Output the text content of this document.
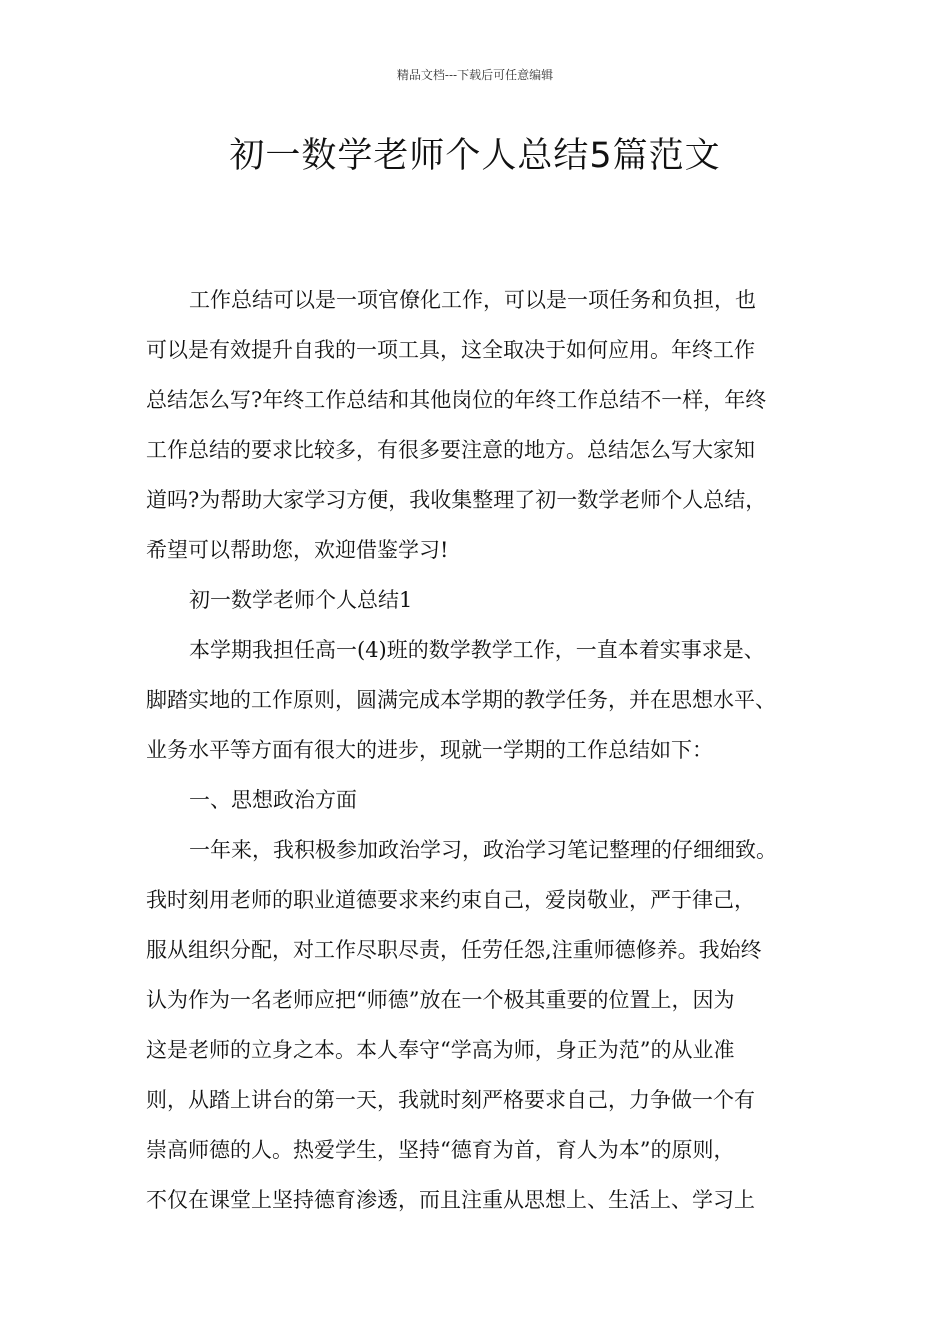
精品文档---下载后可任意编辑
初一数学老师个人总结5篇范文
工作总结可以是一项官僚化工作，可以是一项任务和负担，也
可以是有效提升自我的一项工具，这全取决于如何应用。年终工作
总结怎么写?年终工作总结和其他岗位的年终工作总结不一样，年终
工作总结的要求比较多，有很多要注意的地方。总结怎么写大家知
道吗?为帮助大家学习方便，我收集整理了初一数学老师个人总结，
希望可以帮助您，欢迎借鉴学习!
初一数学老师个人总结1
本学期我担任高一(4)班的数学教学工作，一直本着实事求是、
脚踏实地的工作原则，圆满完成本学期的教学任务，并在思想水平、
业务水平等方面有很大的进步，现就一学期的工作总结如下：
一、思想政治方面
一年来，我积极参加政治学习，政治学习笔记整理的仔细细致。
我时刻用老师的职业道德要求来约束自己，爱岗敬业，严于律己，
服从组织分配，对工作尽职尽责，任劳任怨,注重师德修养。我始终
认为作为一名老师应把“师德”放在一个极其重要的位置上，因为
这是老师的立身之本。本人奉守“学高为师，身正为范”的从业准
则，从踏上讲台的第一天，我就时刻严格要求自己，力争做一个有
崇高师德的人。热爱学生，坚持“德育为首，育人为本”的原则，
不仅在课堂上坚持德育渗透，而且注重从思想上、生活上、学习上
